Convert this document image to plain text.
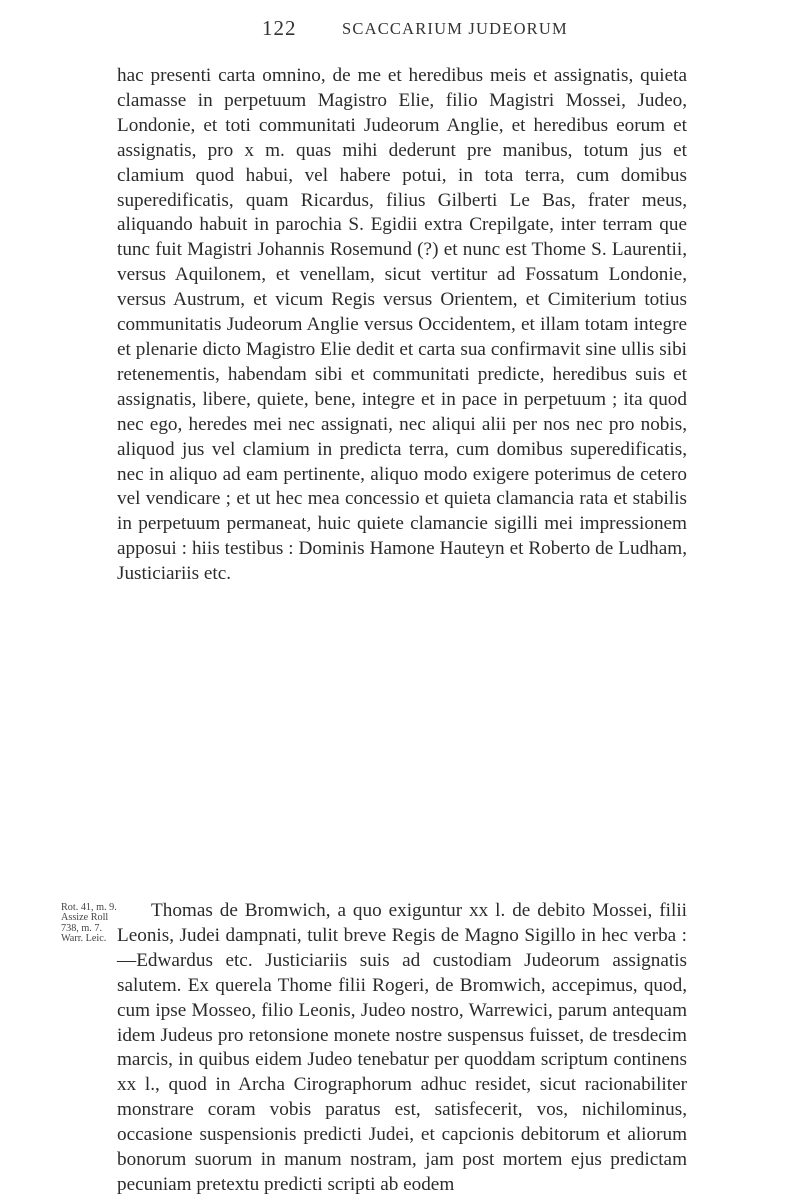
122	SCACCARIUM JUDEORUM
hac presenti carta omnino, de me et heredibus meis et assignatis, quieta clamasse in perpetuum Magistro Elie, filio Magistri Mossei, Judeo, Londonie, et toti communitati Judeorum Anglie, et heredibus eorum et assignatis, pro x m. quas mihi dederunt pre manibus, totum jus et clamium quod habui, vel habere potui, in tota terra, cum domibus superedificatis, quam Ricardus, filius Gilberti Le Bas, frater meus, aliquando habuit in parochia S. Egidii extra Crepilgate, inter terram que tunc fuit Magistri Johannis Rosemund (?) et nunc est Thome S. Laurentii, versus Aquilonem, et venellam, sicut vertitur ad Fossatum Londonie, versus Austrum, et vicum Regis versus Orientem, et Cimiterium totius communitatis Judeorum Anglie versus Occidentem, et illam totam integre et plenarie dicto Magistro Elie dedit et carta sua confirmavit sine ullis sibi retenementis, habendam sibi et communitati predicte, heredibus suis et assignatis, libere, quiete, bene, integre et in pace in perpetuum ; ita quod nec ego, heredes mei nec assignati, nec aliqui alii per nos nec pro nobis, aliquod jus vel clamium in predicta terra, cum domibus superedificatis, nec in aliquo ad eam pertinente, aliquo modo exigere poterimus de cetero vel vendicare ; et ut hec mea concessio et quieta clamancia rata et stabilis in perpetuum permaneat, huic quiete clamancie sigilli mei impressionem apposui : hiis testibus : Dominis Hamone Hauteyn et Roberto de Ludham, Justiciariis etc.
Rot. 41, m. 9.
Assize Roll
738, m. 7.
Warr. Leic.
Thomas de Bromwich, a quo exiguntur xx l. de debito Mossei, filii Leonis, Judei dampnati, tulit breve Regis de Magno Sigillo in hec verba :—Edwardus etc. Justiciariis suis ad custodiam Judeorum assignatis salutem. Ex querela Thome filii Rogeri, de Bromwich, accepimus, quod, cum ipse Mosseo, filio Leonis, Judeo nostro, Warrewici, parum antequam idem Judeus pro retonsione monete nostre suspensus fuisset, de tresdecim marcis, in quibus eidem Judeo tenebatur per quoddam scriptum continens xx l., quod in Archa Cirographorum adhuc residet, sicut racionabiliter monstrare coram vobis paratus est, satisfecerit, vos, nichilominus, occasione suspensionis predicti Judei, et capcionis debitorum et aliorum bonorum suorum in manum nostram, jam post mortem ejus predictam pecuniam pretextu predicti scripti ab eodem
